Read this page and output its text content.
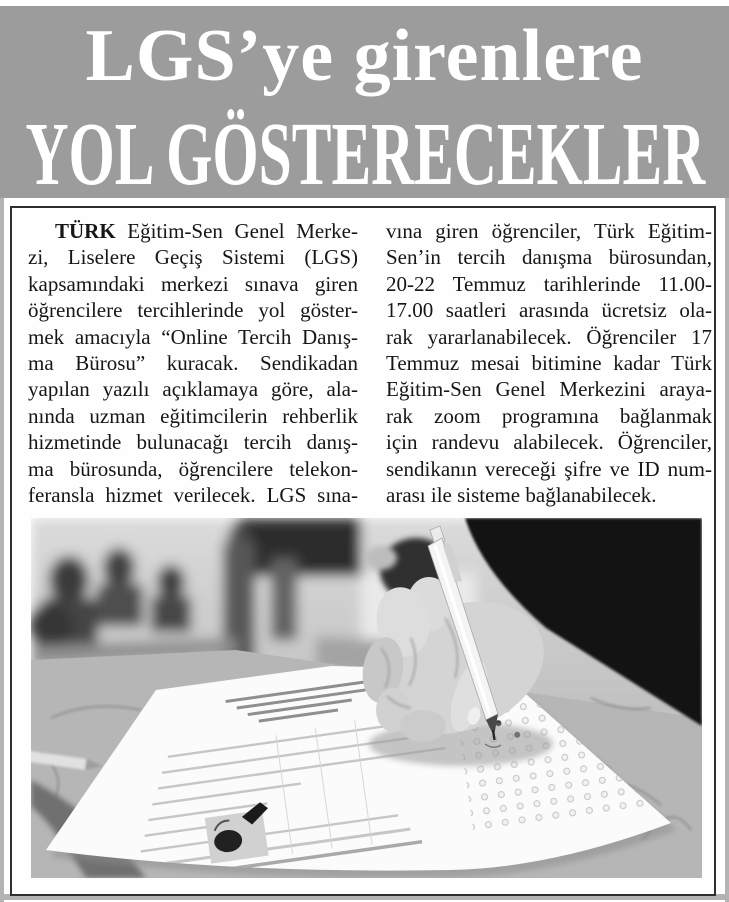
LGS’ye girenlere
YOL GÖSTERECEKLER
TÜRK Eğitim-Sen Genel Merke-
zi, Liselere Geçiş Sistemi (LGS)
kapsamındaki merkezi sınava giren
öğrencilere tercihlerinde yol göster-
mek amacıyla “Online Tercih Danış-
ma Bürosu” kuracak. Sendikadan
yapılan yazılı açıklamaya göre, ala-
nında uzman eğitimcilerin rehberlik
hizmetinde bulunacağı tercih danış-
ma bürosunda, öğrencilere telekon-
feransla hizmet verilecek. LGS sına-
vına giren öğrenciler, Türk Eğitim-
Sen’in tercih danışma bürosundan,
20-22 Temmuz tarihlerinde 11.00-
17.00 saatleri arasında ücretsiz ola-
rak yararlanabilecek. Öğrenciler 17
Temmuz mesai bitimine kadar Türk
Eğitim-Sen Genel Merkezini araya-
rak zoom programına bağlanmak
için randevu alabilecek. Öğrenciler,
sendikanın vereceği şifre ve ID num-
arası ile sisteme bağlanabilecek.
